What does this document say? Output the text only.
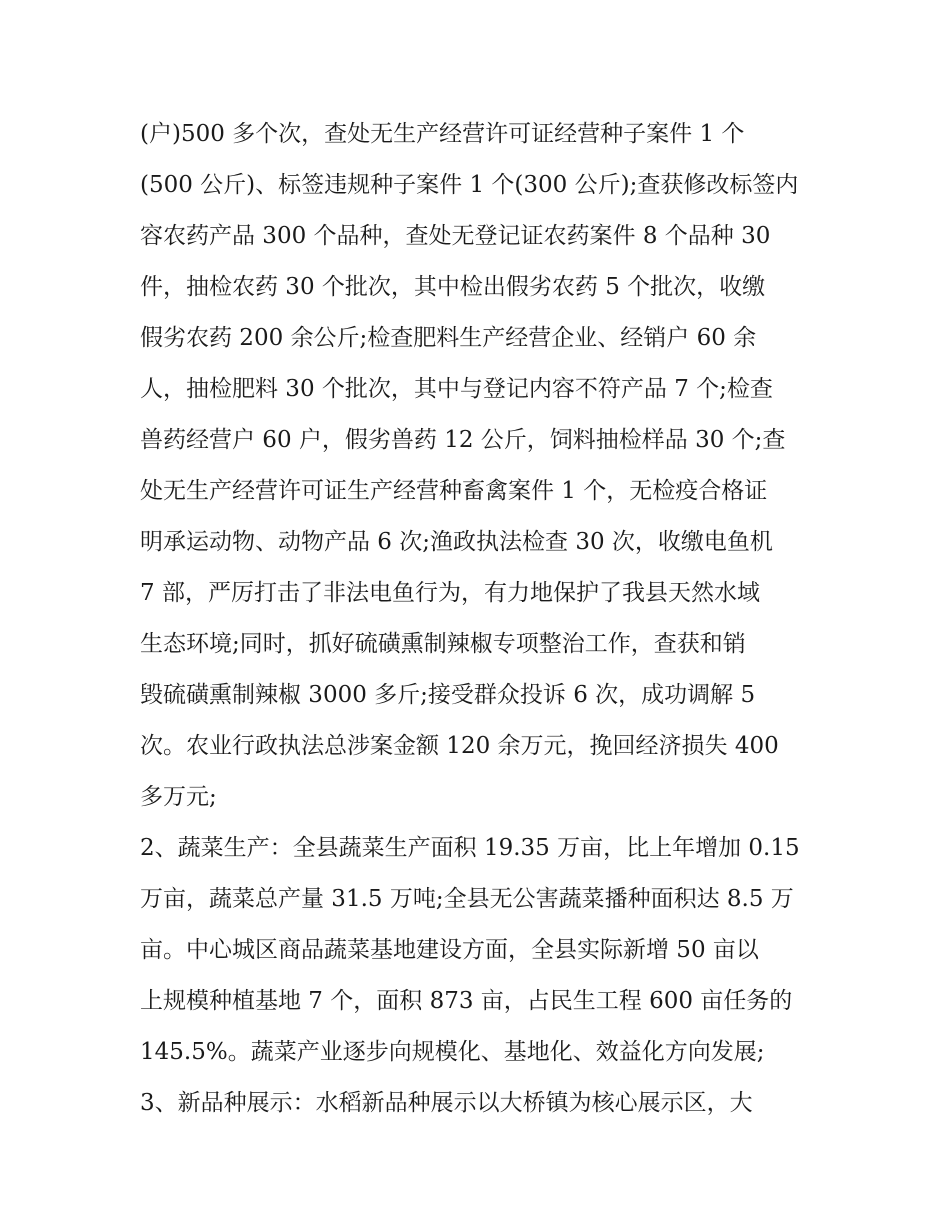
(户)500 多个次，查处无生产经营许可证经营种子案件 1 个
(500 公斤)、标签违规种子案件 1 个(300 公斤);查获修改标签内
容农药产品 300 个品种，查处无登记证农药案件 8 个品种 30
件，抽检农药 30 个批次，其中检出假劣农药 5 个批次，收缴
假劣农药 200 余公斤;检查肥料生产经营企业、经销户 60 余
人，抽检肥料 30 个批次，其中与登记内容不符产品 7 个;检查
兽药经营户 60 户，假劣兽药 12 公斤，饲料抽检样品 30 个;查
处无生产经营许可证生产经营种畜禽案件 1 个，无检疫合格证
明承运动物、动物产品 6 次;渔政执法检查 30 次，收缴电鱼机
7 部，严厉打击了非法电鱼行为，有力地保护了我县天然水域
生态环境;同时，抓好硫磺熏制辣椒专项整治工作，查获和销
毁硫磺熏制辣椒 3000 多斤;接受群众投诉 6 次，成功调解 5
次。农业行政执法总涉案金额 120 余万元，挽回经济损失 400
多万元;
2、蔬菜生产：全县蔬菜生产面积 19.35 万亩，比上年增加 0.15
万亩，蔬菜总产量 31.5 万吨;全县无公害蔬菜播种面积达 8.5 万
亩。中心城区商品蔬菜基地建设方面，全县实际新增 50 亩以
上规模种植基地 7 个，面积 873 亩，占民生工程 600 亩任务的
145.5%。蔬菜产业逐步向规模化、基地化、效益化方向发展;
3、新品种展示：水稻新品种展示以大桥镇为核心展示区，大
